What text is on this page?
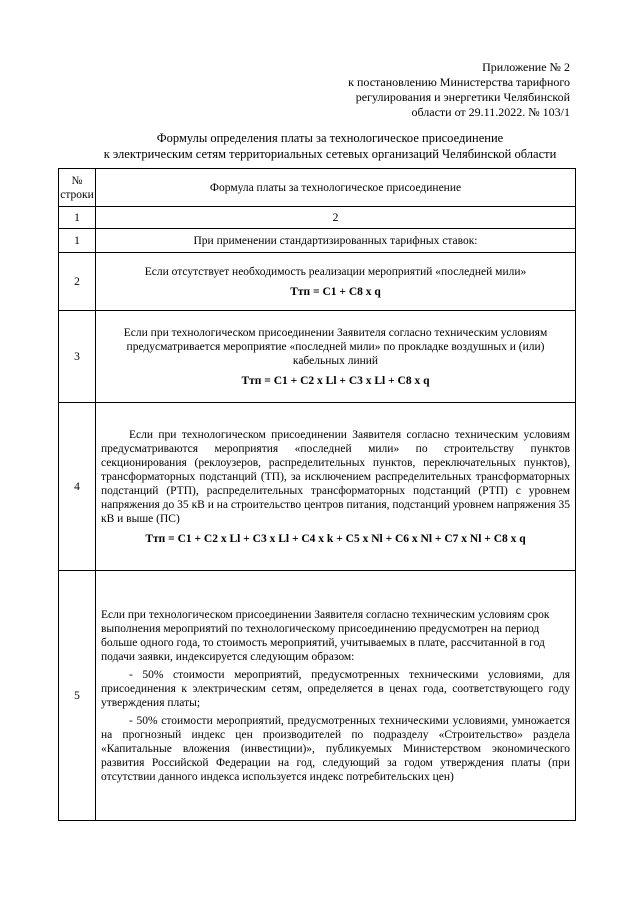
Приложение № 2
к постановлению Министерства тарифного
регулирования и энергетики Челябинской
области от 29.11.2022. № 103/1
Формулы определения платы за технологическое присоединение
к электрическим сетям территориальных сетевых организаций Челябинской области
№ строки	Формула платы за технологическое присоединение
1	2
1	При применении стандартизированных тарифных ставок:
2	Если отсутствует необходимость реализации мероприятий «последней мили»
Tтп = C1 + C8 x q

3	Если при технологическом присоединении Заявителя согласно техническим условиям предусматривается мероприятие «последней мили» по прокладке воздушных и (или) кабельных линий
Tтп = C1 + C2 x Ll + C3 x Ll + C8 x q

4	Если при технологическом присоединении Заявителя согласно техническим условиям предусматриваются мероприятия «последней мили» по строительству пунктов секционирования (реклоузеров, распределительных пунктов, переключательных пунктов), трансформаторных подстанций (ТП), за исключением распределительных трансформаторных подстанций (РТП), распределительных трансформаторных подстанций (РТП) с уровнем напряжения до 35 кВ и на строительство центров питания, подстанций уровнем напряжения 35 кВ и выше (ПС)
Tтп = C1 + C2 x Ll + C3 x Ll + C4 x k + C5 x Nl + C6 x Nl + C7 x Nl + C8 x q

5	Если при технологическом присоединении Заявителя согласно техническим условиям срок выполнения мероприятий по технологическому присоединению предусмотрен на период больше одного года, то стоимость мероприятий, учитываемых в плате, рассчитанной в год подачи заявки, индексируется следующим образом:
- 50% стоимости мероприятий, предусмотренных техническими условиями, для присоединения к электрическим сетям, определяется в ценах года, соответствующего году утверждения платы;
- 50% стоимости мероприятий, предусмотренных техническими условиями, умножается на прогнозный индекс цен производителей по подразделу «Строительство» раздела «Капитальные вложения (инвестиции)», публикуемых Министерством экономического развития Российской Федерации на год, следующий за годом утверждения платы (при отсутствии данного индекса используется индекс потребительских цен)
